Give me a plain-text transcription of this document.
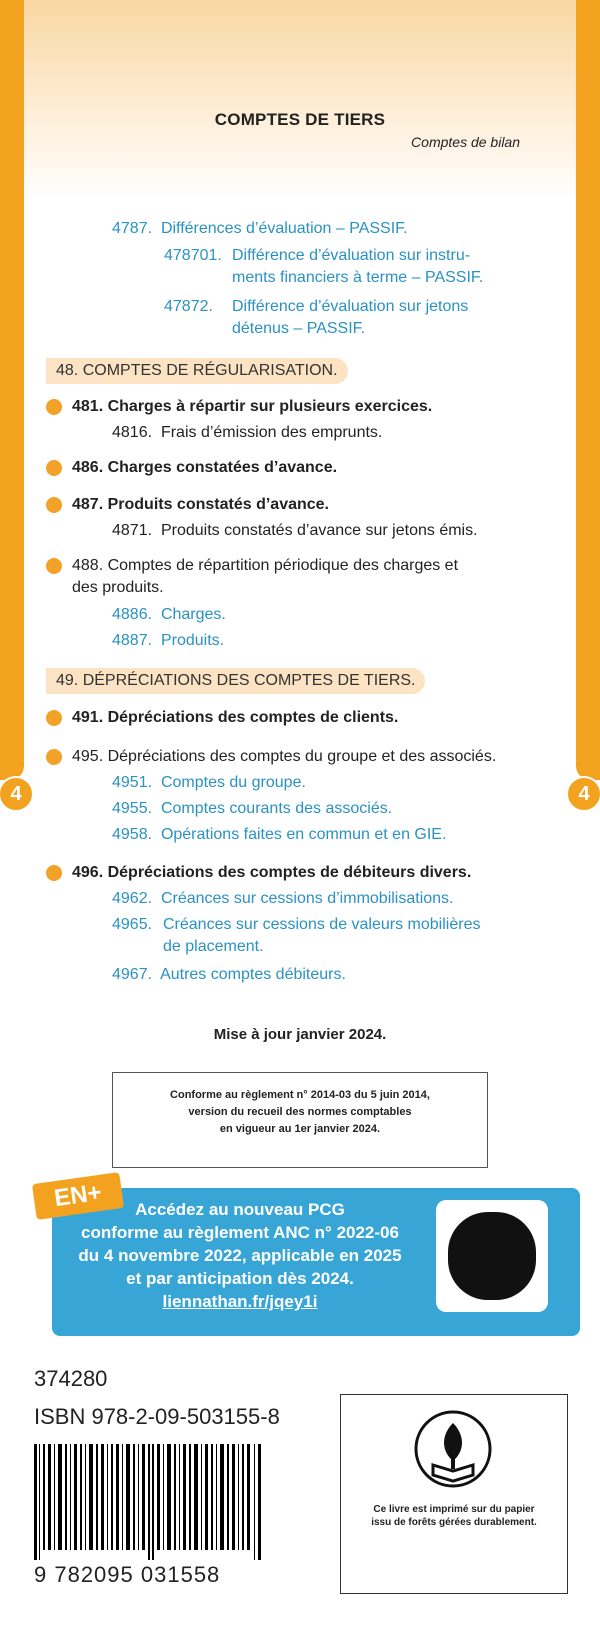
4	4
COMPTES DE TIERS
Comptes de bilan
4787. Différences d’évaluation – PASSIF.
478701. Différence d’évaluation sur instru-
ments financiers à terme – PASSIF.
47872. Différence d’évaluation sur jetons
détenus – PASSIF.
48. COMPTES DE RÉGULARISATION.
481. Charges à répartir sur plusieurs exercices.
4816. Frais d’émission des emprunts.
486. Charges constatées d’avance.
487. Produits constatés d’avance.
4871. Produits constatés d’avance sur jetons émis.
488. Comptes de répartition périodique des charges et
des produits.
4886. Charges.
4887. Produits.
49. DÉPRÉCIATIONS DES COMPTES DE TIERS.
491. Dépréciations des comptes de clients.
495. Dépréciations des comptes du groupe et des associés.
4951. Comptes du groupe.
4955. Comptes courants des associés.
4958. Opérations faites en commun et en GIE.
496. Dépréciations des comptes de débiteurs divers.
4962. Créances sur cessions d’immobilisations.
4965. Créances sur cessions de valeurs mobilières
de placement.
4967. Autres comptes débiteurs.
Mise à jour janvier 2024.
Conforme au règlement n° 2014-03 du 5 juin 2014,
version du recueil des normes comptables
en vigueur au 1er janvier 2024.
EN+	Accédez au nouveau PCG
conforme au règlement ANC n° 2022-06
du 4 novembre 2022, applicable en 2025
et par anticipation dès 2024.
liennathan.fr/jqey1i
374280
ISBN 978-2-09-503155-8
9 782095 031558
Ce livre est imprimé sur du papier
issu de forêts gérées durablement.
